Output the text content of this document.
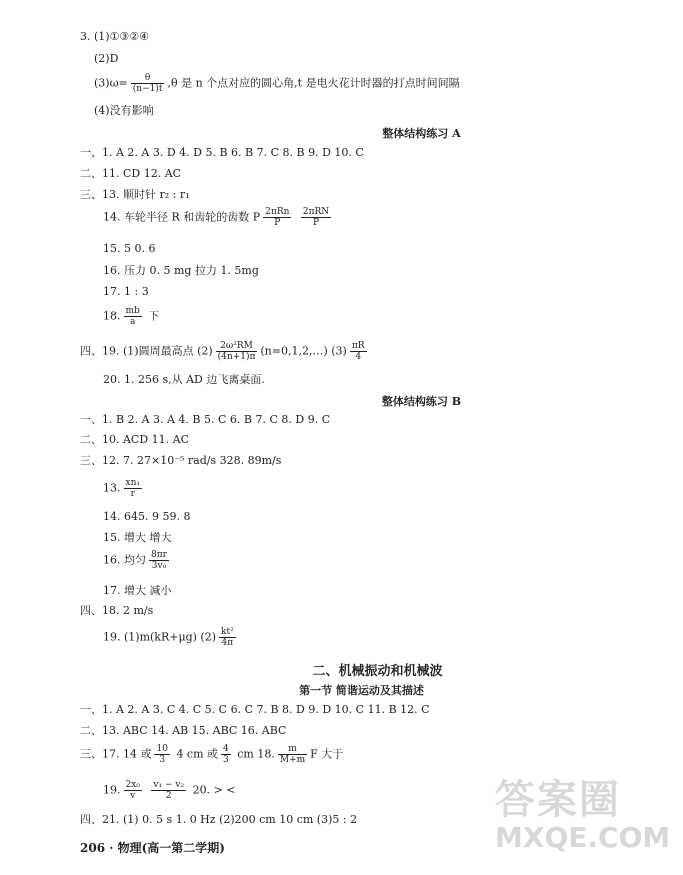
3. (1)①③②④
(2)D
$(3)\omega= \frac{\theta}{(n-1)t} ,\theta$ 是 n 个点对应的圆心角,t 是电火花计时器的打点时间间隔
(4)没有影响
整体结构练习 A
一、1. A 2. A 3. D 4. D 5. B 6. B 7. C 8. B 9. D 10. C
二、11. CD 12. AC
三、13. 顺时针 r₂ : r₁
14. 车轮半径 R 和齿轮的齿数 P $\frac{\text{2πRn}}{P}$
$\frac{\text{2πRN}}{P}$
15. 5 0. 6
16. 压力 0. 5 mg 拉力 1. 5mg
17. 1 : 3
18. $\frac{mb}{a}$ 下
四、19. (1)圆周最高点 $(2) \frac{\text{2ω²RM}}{(4n+1)\pi}$ (n=0,1,2,…) $(3) \frac{\pi R}{4}$
20. 1. 256 s,从 AD 边飞离桌面.
整体结构练习 B
一、1. B 2. A 3. A 4. B 5. C 6. B 7. C 8. D 9. C
二、10. ACD 11. AC
三、12. 7. 27×10⁻⁵ rad/s 328. 89m/s
13. $\frac{\text{xn₁}}{r}$
14. 645. 9 59. 8
15. 增大 增大
16. 均匀 $\frac{8\pi r}{\text{3v₀}}$
17. 增大 减小
四、18. 2 m/s
19. (1)m(kR+μg) $(2) \frac{\text{kt²}}{4\pi}$
二、机械振动和机械波
第一节 简谐运动及其描述
一、1. A 2. A 3. C 4. C 5. C 6. C 7. B 8. D 9. D 10. C 11. B 12. C
二、13. ABC 14. AB 15. ABC 16. ABC
三、17. 14 或 $\frac{10}{3} 4$ cm 或 $\frac{4}{3}$ cm 18. $\frac{m}{M+m}$ F 大于
19. $\frac{\text{2x₀}}{v}$
$\frac{\text{v₁ − v₂}}{2} 20$. > <
四、21. (1) 0. 5 s 1. 0 Hz (2)200 cm 10 cm (3)5 : 2
206 · 物理(高一第二学期)
答案圈
MXQE.COM
